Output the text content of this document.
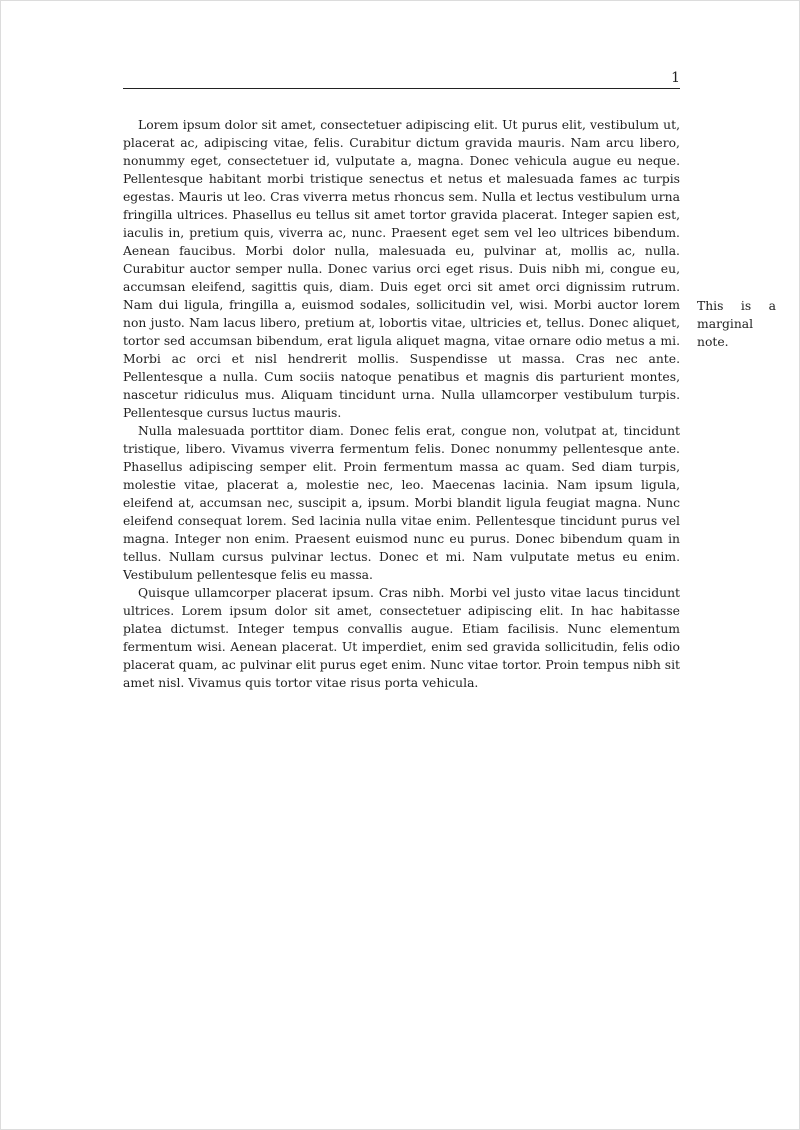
1

Lorem ipsum dolor sit amet, consectetuer adipiscing elit. Ut purus elit, vestibulum ut, placerat ac, adipiscing vitae, felis. Curabitur dictum gravida mauris. Nam arcu libero, nonummy eget, consectetuer id, vulputate a, magna. Donec vehicula augue eu neque. Pellentesque habitant morbi tristique senectus et netus et malesuada fames ac turpis egestas. Mauris ut leo. Cras viverra metus rhoncus sem. Nulla et lectus vestibulum urna fringilla ultrices. Phasellus eu tellus sit amet tortor gravida placerat. Integer sapien est, iaculis in, pretium quis, viverra ac, nunc. Praesent eget sem vel leo ultrices bibendum. Aenean faucibus. Morbi dolor nulla, malesuada eu, pulvinar at, mollis ac, nulla. Curabitur auctor semper nulla. Donec varius orci eget risus. Duis nibh mi, congue eu, accumsan eleifend, sagittis quis, diam. Duis eget orci sit amet orci dignissim rutrum. Nam dui ligula, fringilla a, euismod sodales, sollicitudin vel, wisi. Morbi auctor lorem non justo. Nam lacus libero, pretium at, lobortis vitae, ultricies et, tellus. Donec aliquet, tortor sed accumsan bibendum, erat ligula aliquet magna, vitae ornare odio metus a mi. Morbi ac orci et nisl hendrerit mollis. Suspendisse ut massa. Cras nec ante. Pellentesque a nulla. Cum sociis natoque penatibus et magnis dis parturient montes, nascetur ridiculus mus. Aliquam tincidunt urna. Nulla ullamcorper vestibulum turpis. Pellentesque cursus luctus mauris.

Nulla malesuada porttitor diam. Donec felis erat, congue non, volutpat at, tincidunt tristique, libero. Vivamus viverra fermentum felis. Donec nonummy pellentesque ante. Phasellus adipiscing semper elit. Proin fermentum massa ac quam. Sed diam turpis, molestie vitae, placerat a, molestie nec, leo. Maecenas lacinia. Nam ipsum ligula, eleifend at, accumsan nec, suscipit a, ipsum. Morbi blandit ligula feugiat magna. Nunc eleifend consequat lorem. Sed lacinia nulla vitae enim. Pellentesque tincidunt purus vel magna. Integer non enim. Praesent euismod nunc eu purus. Donec bibendum quam in tellus. Nullam cursus pulvinar lectus. Donec et mi. Nam vulputate metus eu enim. Vestibulum pellentesque felis eu massa.

Quisque ullamcorper placerat ipsum. Cras nibh. Morbi vel justo vitae lacus tincidunt ultrices. Lorem ipsum dolor sit amet, consectetuer adipiscing elit. In hac habitasse platea dictumst. Integer tempus convallis augue. Etiam facilisis. Nunc elementum fermentum wisi. Aenean placerat. Ut imperdiet, enim sed gravida sollicitudin, felis odio placerat quam, ac pulvinar elit purus eget enim. Nunc vitae tortor. Proin tempus nibh sit amet nisl. Vivamus quis tortor vitae risus porta vehicula.

This is a marginal note.
